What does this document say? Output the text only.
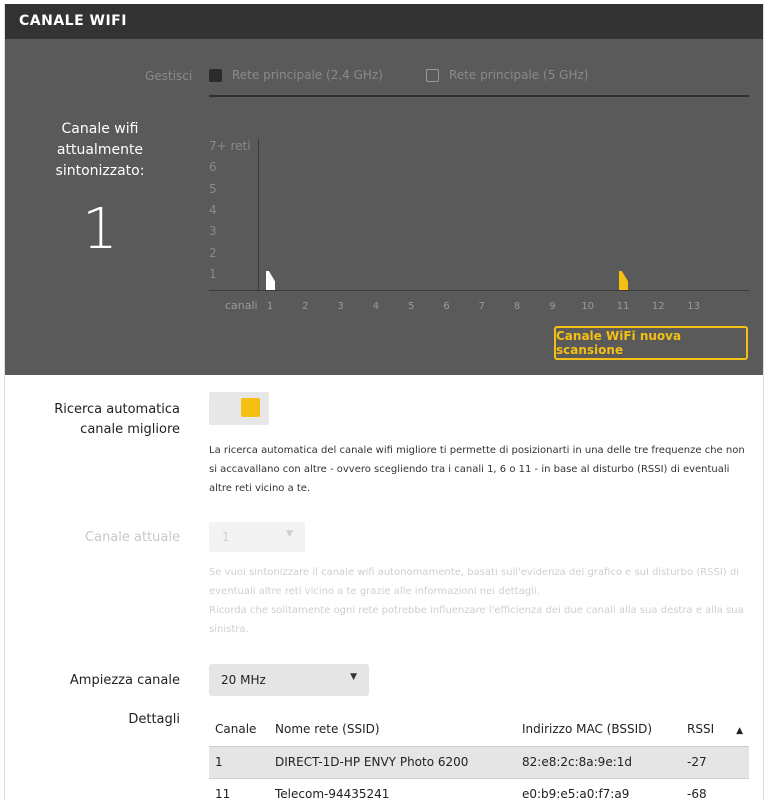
CANALE WIFI
Gestisci	Rete principale (2,4 GHz)	Rete principale (5 GHz)
Canale wifi attualmente sintonizzato:
1
canali
7+ reti
6
5
4
3
2
1
1	2	3	4	5	6	7	8	9	10	11	12	13
Canale WiFi nuova scansione
Ricerca automatica canale migliore
La ricerca automatica del canale wifi migliore ti permette di posizionarti in una delle tre frequenze che non si accavallano con altre - ovvero scegliendo tra i canali 1, 6 o 11 - in base al disturbo (RSSI) di eventuali altre reti vicino a te.
Canale attuale	1	▼
Se vuoi sintonizzare il canale wifi autonomamente, basati sull'evidenza del grafico e sul disturbo (RSSI) di eventuali altre reti vicino a te grazie alle informazioni nei dettagli.
Ricorda che solitamente ogni rete potrebbe influenzare l'efficienza dei due canali alla sua destra e alla sua sinistra.
Ampiezza canale	20 MHz	▼
Dettagli
Canale	Nome rete (SSID)	Indirizzo MAC (BSSID)	RSSI ▲
1	DIRECT-1D-HP ENVY Photo 6200	82:e8:2c:8a:9e:1d	-27
11	Telecom-94435241	e0:b9:e5:a0:f7:a9	-68
